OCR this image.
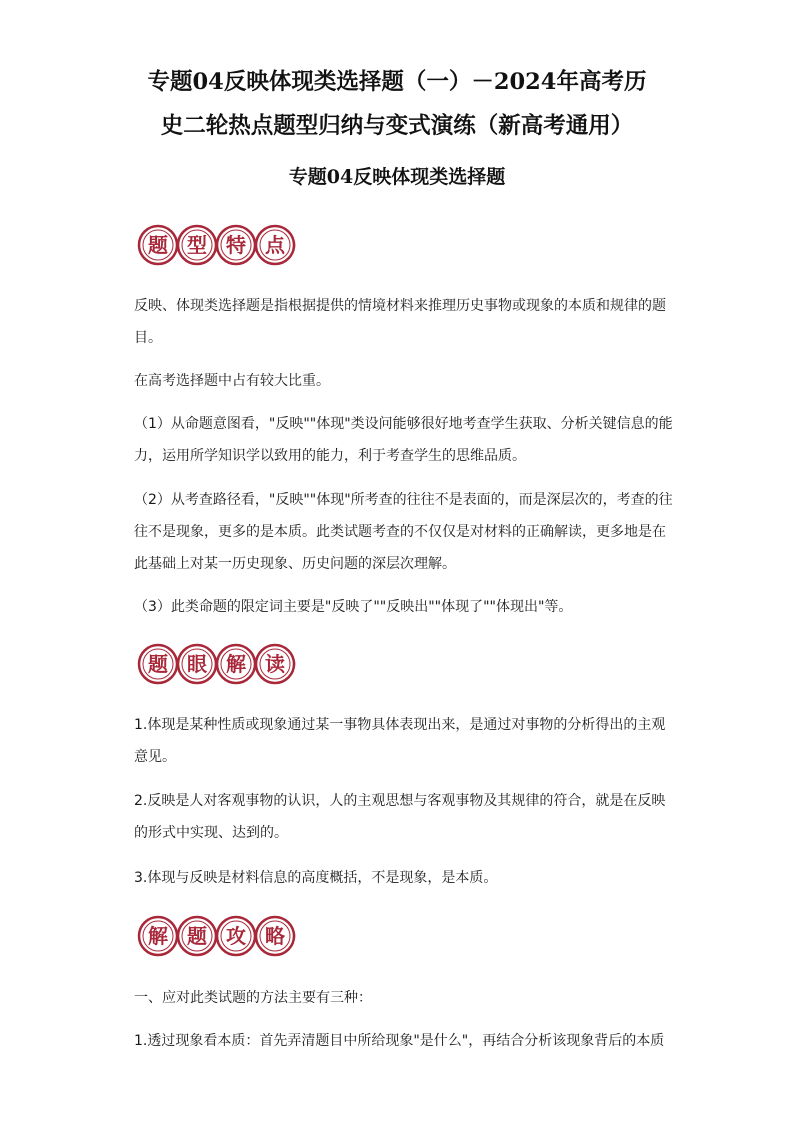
专题04反映体现类选择题（一）－2024年高考历
史二轮热点题型归纳与变式演练（新高考通用）
专题04反映体现类选择题
题 型 特 点

反映、体现类选择题是指根据提供的情境材料来推理历史事物或现象的本质和规律的题
目。

在高考选择题中占有较大比重。

（1）从命题意图看，"反映""体现"类设问能够很好地考查学生获取、分析关键信息的能
力，运用所学知识学以致用的能力，利于考查学生的思维品质。

（2）从考查路径看，"反映""体现"所考查的往往不是表面的，而是深层次的，考查的往
往不是现象，更多的是本质。此类试题考查的不仅仅是对材料的正确解读，更多地是在
此基础上对某一历史现象、历史问题的深层次理解。

（3）此类命题的限定词主要是"反映了""反映出""体现了""体现出"等。

题 眼 解 读

1.体现是某种性质或现象通过某一事物具体表现出来，是通过对事物的分析得出的主观
意见。

2.反映是人对客观事物的认识，人的主观思想与客观事物及其规律的符合，就是在反映
的形式中实现、达到的。

3.体现与反映是材料信息的高度概括，不是现象，是本质。

解 题 攻 略

一、应对此类试题的方法主要有三种：

1.透过现象看本质：首先弄清题目中所给现象"是什么"，再结合分析该现象背后的本质
